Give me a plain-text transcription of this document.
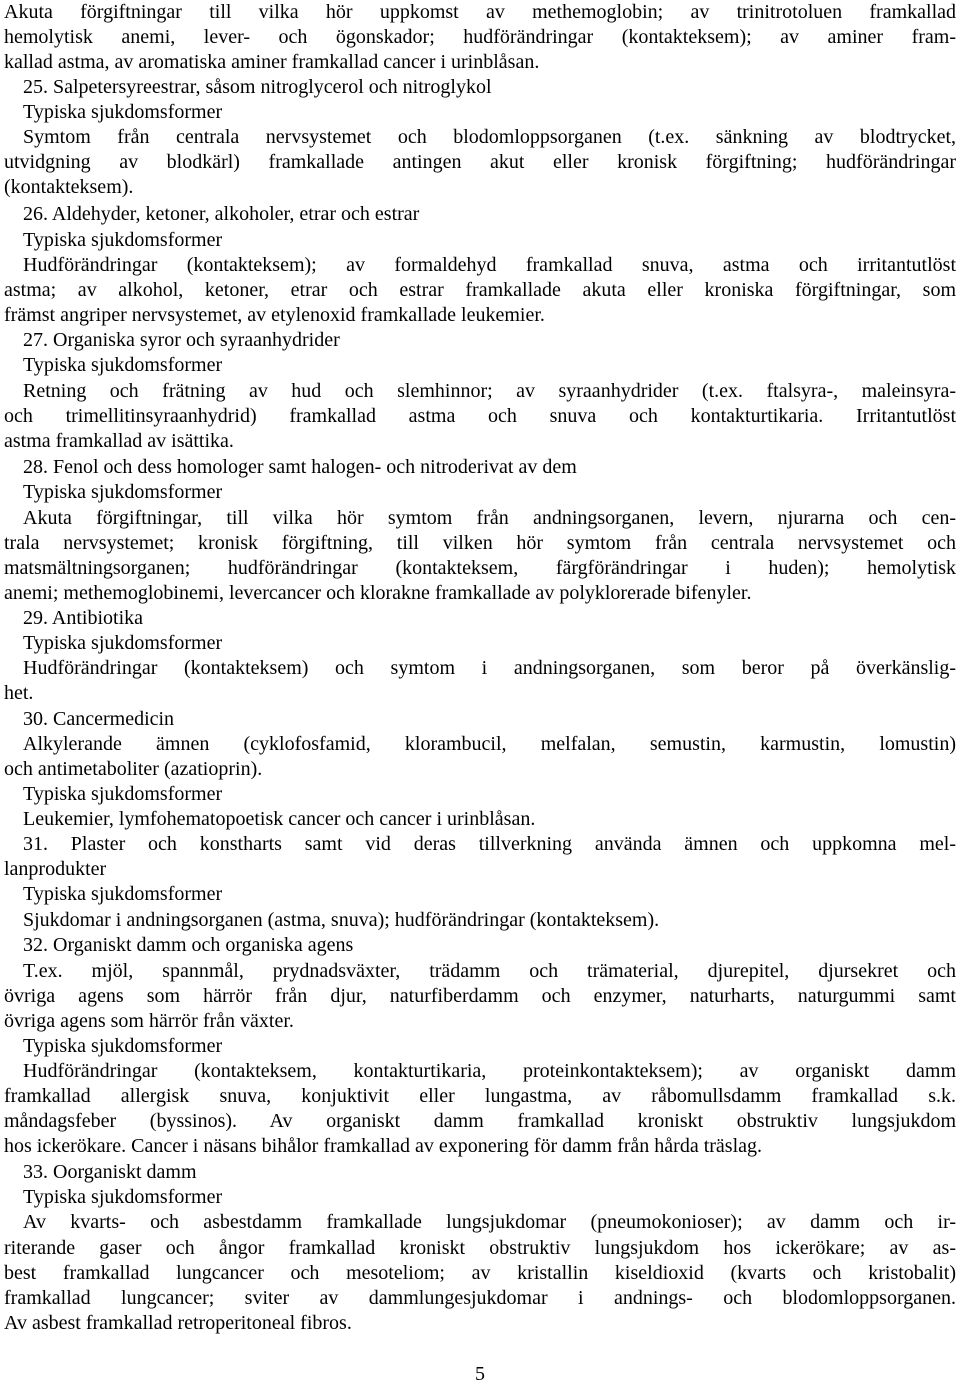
Akuta förgiftningar till vilka hör uppkomst av methemoglobin; av trinitrotoluen framkallad
hemolytisk anemi, lever- och ögonskador; hudförändringar (kontakteksem); av aminer fram-
kallad astma, av aromatiska aminer framkallad cancer i urinblåsan.
25. Salpetersyreestrar, såsom nitroglycerol och nitroglykol
Typiska sjukdomsformer
Symtom från centrala nervsystemet och blodomloppsorganen (t.ex. sänkning av blodtrycket,
utvidgning av blodkärl) framkallade antingen akut eller kronisk förgiftning; hudförändringar
(kontakteksem).
26. Aldehyder, ketoner, alkoholer, etrar och estrar
Typiska sjukdomsformer
Hudförändringar (kontakteksem); av formaldehyd framkallad snuva, astma och irritantutlöst
astma; av alkohol, ketoner, etrar och estrar framkallade akuta eller kroniska förgiftningar, som
främst angriper nervsystemet, av etylenoxid framkallade leukemier.
27. Organiska syror och syraanhydrider
Typiska sjukdomsformer
Retning och frätning av hud och slemhinnor; av syraanhydrider (t.ex. ftalsyra-, maleinsyra-
och trimellitinsyraanhydrid) framkallad astma och snuva och kontakturtikaria. Irritantutlöst
astma framkallad av isättika.
28. Fenol och dess homologer samt halogen- och nitroderivat av dem
Typiska sjukdomsformer
Akuta förgiftningar, till vilka hör symtom från andningsorganen, levern, njurarna och cen-
trala nervsystemet; kronisk förgiftning, till vilken hör symtom från centrala nervsystemet och
matsmältningsorganen; hudförändringar (kontakteksem, färgförändringar i huden); hemolytisk
anemi; methemoglobinemi, levercancer och klorakne framkallade av polyklorerade bifenyler.
29. Antibiotika
Typiska sjukdomsformer
Hudförändringar (kontakteksem) och symtom i andningsorganen, som beror på överkänslig-
het.
30. Cancermedicin
Alkylerande ämnen (cyklofosfamid, klorambucil, melfalan, semustin, karmustin, lomustin)
och antimetaboliter (azatioprin).
Typiska sjukdomsformer
Leukemier, lymfohematopoetisk cancer och cancer i urinblåsan.
31. Plaster och konstharts samt vid deras tillverkning använda ämnen och uppkomna mel-
lanprodukter
Typiska sjukdomsformer
Sjukdomar i andningsorganen (astma, snuva); hudförändringar (kontakteksem).
32. Organiskt damm och organiska agens
T.ex. mjöl, spannmål, prydnadsväxter, trädamm och trämaterial, djurepitel, djursekret och
övriga agens som härrör från djur, naturfiberdamm och enzymer, naturharts, naturgummi samt
övriga agens som härrör från växter.
Typiska sjukdomsformer
Hudförändringar (kontakteksem, kontakturtikaria, proteinkontakteksem); av organiskt damm
framkallad allergisk snuva, konjuktivit eller lungastma, av råbomullsdamm framkallad s.k.
måndagsfeber (byssinos). Av organiskt damm framkallad kroniskt obstruktiv lungsjukdom
hos ickerökare. Cancer i näsans bihålor framkallad av exponering för damm från hårda träslag.
33. Oorganiskt damm
Typiska sjukdomsformer
Av kvarts- och asbestdamm framkallade lungsjukdomar (pneumokonioser); av damm och ir-
riterande gaser och ångor framkallad kroniskt obstruktiv lungsjukdom hos ickerökare; av as-
best framkallad lungcancer och mesoteliom; av kristallin kiseldioxid (kvarts och kristobalit)
framkallad lungcancer; sviter av dammlungesjukdomar i andnings- och blodomloppsorganen.
Av asbest framkallad retroperitoneal fibros.
5
